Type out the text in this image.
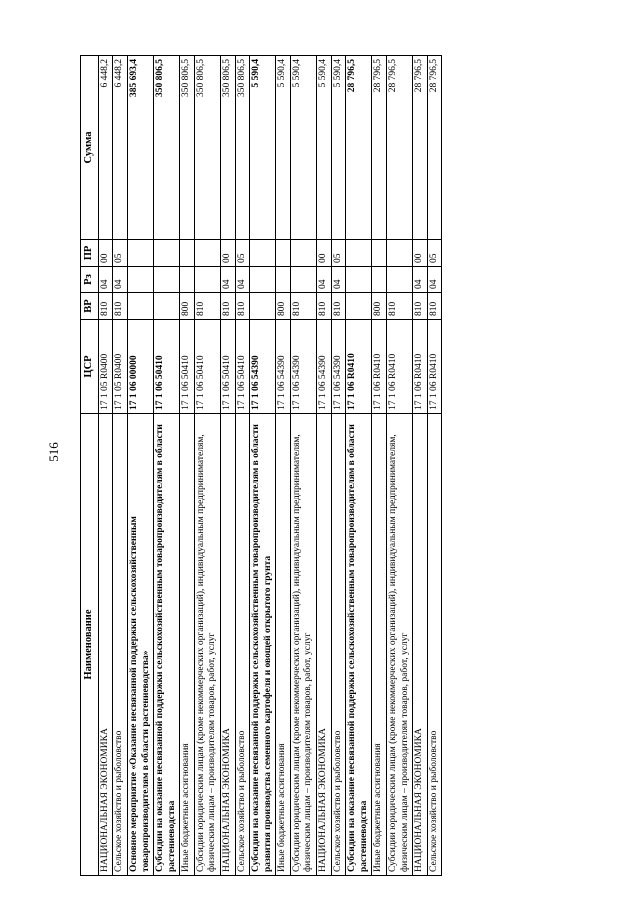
516
Наименование	ЦСР	ВР	Рз	ПР	Сумма
НАЦИОНАЛЬНАЯ ЭКОНОМИКА	17 1 05 R0400	810	04	00	6 448,2
Сельское хозяйство и рыболовство	17 1 05 R0400	810	04	05	6 448,2
Основное мероприятие «Оказание несвязанной поддержки сельскохозяйственным товаропроизводителям в области растениеводства»	17 1 06 00000				385 693,4
Субсидии на оказание несвязанной поддержки сельскохозяйственным товаропроизводителям в области растениеводства	17 1 06 50410				350 806,5
Иные бюджетные ассигнования	17 1 06 50410	800			350 806,5
Субсидии юридическим лицам (кроме некоммерческих организаций), индивидуальным предпринимателям, физическим лицам – производителям товаров, работ, услуг	17 1 06 50410	810			350 806,5
НАЦИОНАЛЬНАЯ ЭКОНОМИКА	17 1 06 50410	810	04	00	350 806,5
Сельское хозяйство и рыболовство	17 1 06 50410	810	04	05	350 806,5
Субсидии на оказание несвязанной поддержки сельскохозяйственным товаропроизводителям в области развития производства семенного картофеля и овощей открытого грунта	17 1 06 54390				5 590,4
Иные бюджетные ассигнования	17 1 06 54390	800			5 590,4
Субсидии юридическим лицам (кроме некоммерческих организаций), индивидуальным предпринимателям, физическим лицам – производителям товаров, работ, услуг	17 1 06 54390	810			5 590,4
НАЦИОНАЛЬНАЯ ЭКОНОМИКА	17 1 06 54390	810	04	00	5 590,4
Сельское хозяйство и рыболовство	17 1 06 54390	810	04	05	5 590,4
Субсидии на оказание несвязанной поддержки сельскохозяйственным товаропроизводителям в области растениеводства	17 1 06 R0410				28 796,5
Иные бюджетные ассигнования	17 1 06 R0410	800			28 796,5
Субсидии юридическим лицам (кроме некоммерческих организаций), индивидуальным предпринимателям, физическим лицам – производителям товаров, работ, услуг	17 1 06 R0410	810			28 796,5
НАЦИОНАЛЬНАЯ ЭКОНОМИКА	17 1 06 R0410	810	04	00	28 796,5
Сельское хозяйство и рыболовство	17 1 06 R0410	810	04	05	28 796,5
